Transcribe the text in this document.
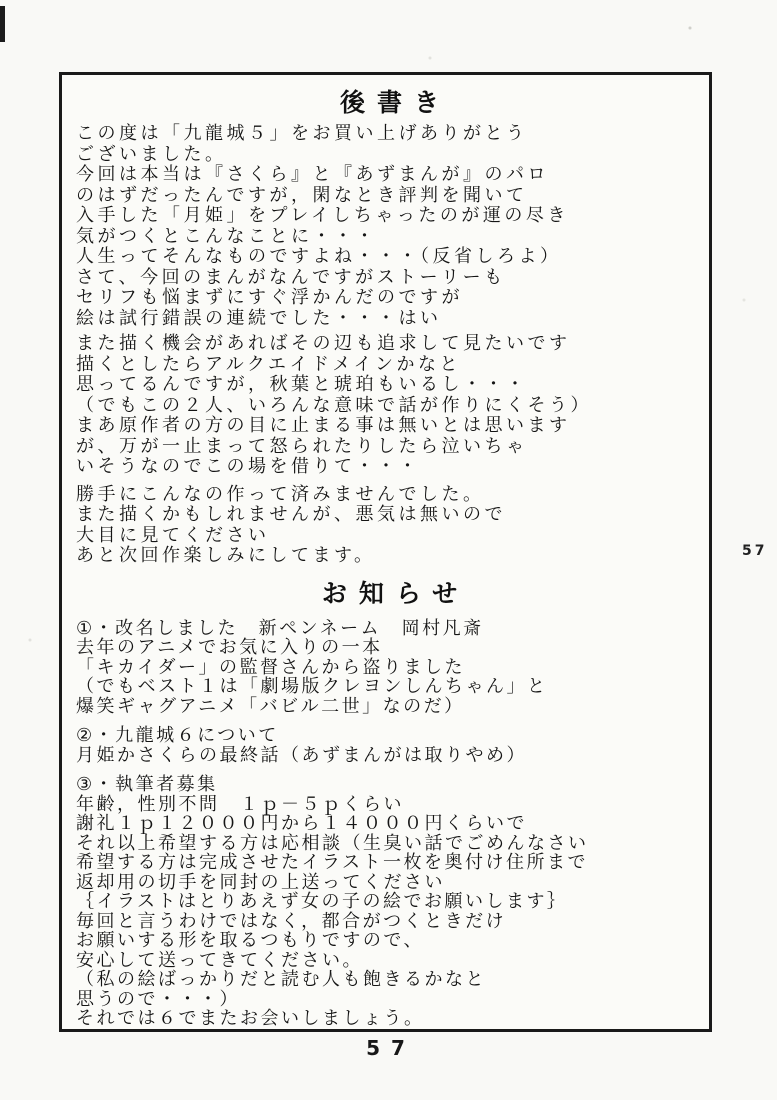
後書き
この度は「九龍城５」をお買い上げありがとう
ございました。
今回は本当は『さくら』と『あずまんが』のパロ
のはずだったんですが，閑なとき評判を聞いて
入手した「月姫」をプレイしちゃったのが運の尽き
気がつくとこんなことに・・・
人生ってそんなものですよね・・・（反省しろよ）
さて、今回のまんがなんですがストーリーも
セリフも悩まずにすぐ浮かんだのですが
絵は試行錯誤の連続でした・・・はい
また描く機会があればその辺も追求して見たいです
描くとしたらアルクエイドメインかなと
思ってるんですが，秋葉と琥珀もいるし・・・
（でもこの２人、いろんな意味で話が作りにくそう）
まあ原作者の方の目に止まる事は無いとは思います
が、万が一止まって怒られたりしたら泣いちゃ
いそうなのでこの場を借りて・・・
勝手にこんなの作って済みませんでした。
また描くかもしれませんが、悪気は無いので
大目に見てください
あと次回作楽しみにしてます。
お知らせ
①・改名しました　新ペンネーム　岡村凡斎
去年のアニメでお気に入りの一本
「キカイダー」の監督さんから盗りました
（でもベスト１は「劇場版クレヨンしんちゃん」と
爆笑ギャグアニメ「バビル二世」なのだ）
②・九龍城６について
月姫かさくらの最終話（あずまんがは取りやめ）
③・執筆者募集
年齢，性別不問　１ｐ－５ｐくらい
謝礼１ｐ１２０００円から１４０００円くらいで
それ以上希望する方は応相談（生臭い話でごめんなさい
希望する方は完成させたイラスト一枚を奥付け住所まで
返却用の切手を同封の上送ってください
｛イラストはとりあえず女の子の絵でお願いします｝
毎回と言うわけではなく，都合がつくときだけ
お願いする形を取るつもりですので、
安心して送ってきてください。
（私の絵ばっかりだと読む人も飽きるかなと
思うので・・・）
それでは６でまたお会いしましょう。
57
57
